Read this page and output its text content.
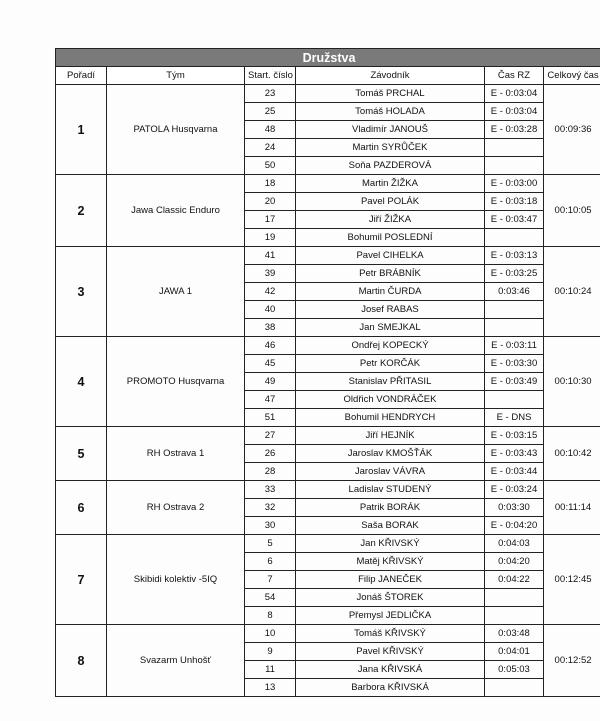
Družstva					
Pořadí	Tým	Start. číslo	Závodník	Čas RZ	Celkový čas
1	PATOLA Husqvarna	23	Tomáš PRCHAL	E - 0:03:04	00:09:36
		25	Tomáš HOLADA	E - 0:03:04	
		48	Vladimír JANOUŠ	E - 0:03:28	
		24	Martin SYRŮČEK		
		50	Soňa PAZDEROVÁ		
2	Jawa Classic Enduro	18	Martin ŽIŽKA	E - 0:03:00	00:10:05
		20	Pavel POLÁK	E - 0:03:18	
		17	Jiří ŽIŽKA	E - 0:03:47	
		19	Bohumil POSLEDNÍ		
3	JAWA 1	41	Pavel CIHELKA	E - 0:03:13	00:10:24
		39	Petr BRÁBNÍK	E - 0:03:25	
		42	Martin ČURDA	0:03:46	
		40	Josef RABAS		
		38	Jan SMEJKAL		
4	PROMOTO Husqvarna	46	Ondřej KOPECKÝ	E - 0:03:11	00:10:30
		45	Petr KORČÁK	E - 0:03:30	
		49	Stanislav PŘITASIL	E - 0:03:49	
		47	Oldřich VONDRÁČEK		
		51	Bohumil HENDRYCH	E - DNS	
5	RH Ostrava 1	27	Jiří HEJNÍK	E - 0:03:15	00:10:42
		26	Jaroslav KMOŠŤÁK	E - 0:03:43	
		28	Jaroslav VÁVRA	E - 0:03:44	
6	RH Ostrava 2	33	Ladislav STUDENÝ	E - 0:03:24	00:11:14
		32	Patrik BORÁK	0:03:30	
		30	Saša BORAK	E - 0:04:20	
7	Skibidi kolektiv -5IQ	5	Jan KŘIVSKÝ	0:04:03	00:12:45
		6	Matěj KŘIVSKÝ	0:04:20	
		7	Filip JANEČEK	0:04:22	
		54	Jonáš ŠTOREK		
		8	Přemysl JEDLIČKA		
8	Svazarm Unhošť	10	Tomáš KŘIVSKÝ	0:03:48	00:12:52
		9	Pavel KŘIVSKÝ	0:04:01	
		11	Jana KŘIVSKÁ	0:05:03	
		13	Barbora KŘIVSKÁ		
